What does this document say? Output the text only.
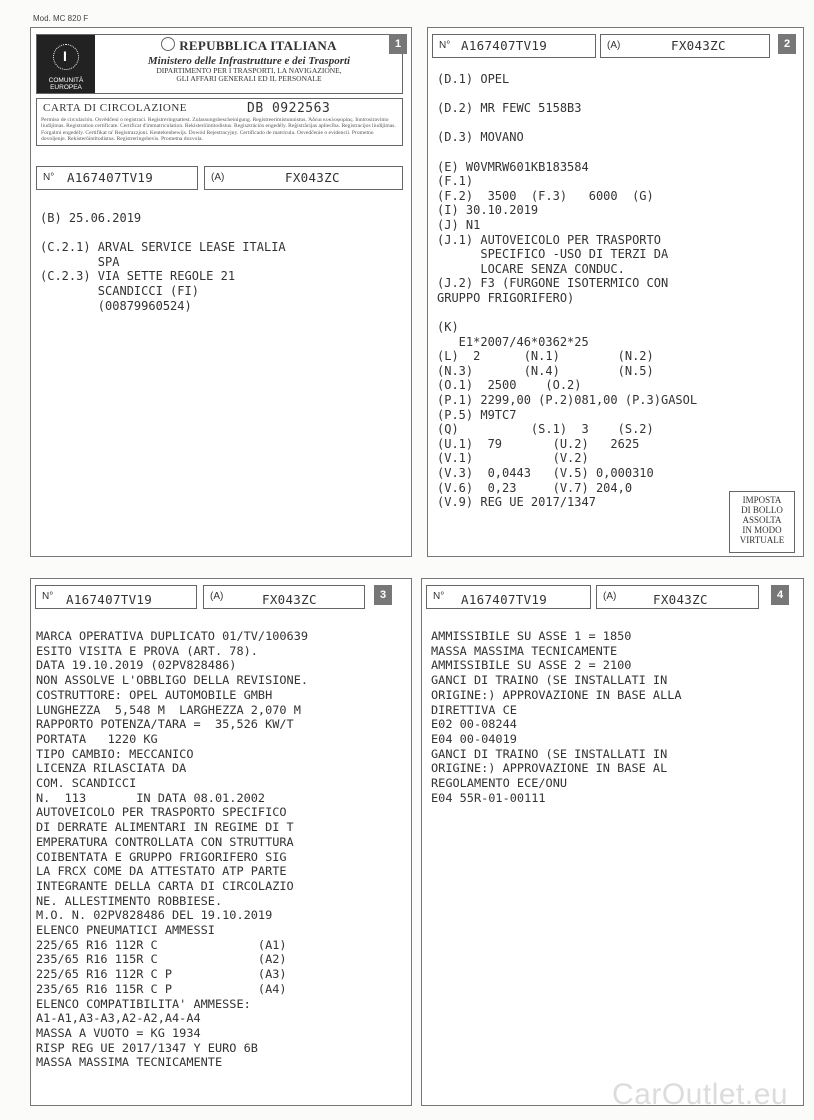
Mod. MC 820 F
I
COMUNITÀ
EUROPEA
REPUBBLICA ITALIANA
Ministero delle Infrastrutture e dei Trasporti
DIPARTIMENTO PER I TRASPORTI, LA NAVIGAZIONE,
GLI AFFARI GENERALI ED IL PERSONALE
1
CARTA DI CIRCOLAZIONE	DB 0922563
Permiso de circulación. Osvědčení o registraci. Registreringsattest. Zulassungsbescheinigung. Registreerimistunnistus. Άδεια κυκλοφορίας. Inntrosiravimo liudijimas. Registration certificate. Certificat d'immatriculation. Rekisteröintitodistus. Regisztrációs engedély. Reģistrācijas apliecība. Registracijos liudijimas. Forgalmi engedély. Certifikat ta' Registrazzjoni. Kentekenbewijs. Dowód Rejestracyjny. Certificado de matrícula. Osvedčenie o evidencii. Prometno dovoljenje. Rekisteröintitodistus. Registreringsbevis. Prometna dozvola.
N° A167407TV19	(A)	FX043ZC
(B) 25.06.2019

(C.2.1) ARVAL SERVICE LEASE ITALIA
SPA
(C.2.3) VIA SETTE REGOLE 21
SCANDICCI (FI)
(00879960524)
N° A167407TV19	(A)	FX043ZC	2
(D.1) OPEL

(D.2) MR FEWC 5158B3

(D.3) MOVANO

(E) W0VMRW601KB183584
(F.1)
(F.2)  3500  (F.3)   6000  (G)
(I) 30.10.2019
(J) N1
(J.1) AUTOVEICOLO PER TRASPORTO
SPECIFICO -USO DI TERZI DA
LOCARE SENZA CONDUC.
(J.2) F3 (FURGONE ISOTERMICO CON
GRUPPO FRIGORIFERO)

(K)
E1*2007/46*0362*25
(L)  2      (N.1)        (N.2)
(N.3)       (N.4)        (N.5)
(O.1)  2500    (O.2)
(P.1) 2299,00 (P.2)081,00 (P.3)GASOL
(P.5) M9TC7
(Q)          (S.1)  3    (S.2)
(U.1)  79       (U.2)   2625
(V.1)           (V.2)
(V.3)  0,0443   (V.5) 0,000310
(V.6)  0,23     (V.7) 204,0
(V.9) REG UE 2017/1347	IMPOSTA
DI BOLLO
ASSOLTA
IN MODO
VIRTUALE
N° A167407TV19	(A)	FX043ZC	3
MARCA OPERATIVA DUPLICATO 01/TV/100639
ESITO VISITA E PROVA (ART. 78).
DATA 19.10.2019 (02PV828486)
NON ASSOLVE L'OBBLIGO DELLA REVISIONE.
COSTRUTTORE: OPEL AUTOMOBILE GMBH
LUNGHEZZA  5,548 M  LARGHEZZA 2,070 M
RAPPORTO POTENZA/TARA =  35,526 KW/T
PORTATA   1220 KG
TIPO CAMBIO: MECCANICO
LICENZA RILASCIATA DA
COM. SCANDICCI
N.  113       IN DATA 08.01.2002
AUTOVEICOLO PER TRASPORTO SPECIFICO
DI DERRATE ALIMENTARI IN REGIME DI T
EMPERATURA CONTROLLATA CON STRUTTURA
COIBENTATA E GRUPPO FRIGORIFERO SIG
LA FRCX COME DA ATTESTATO ATP PARTE
INTEGRANTE DELLA CARTA DI CIRCOLAZIO
NE. ALLESTIMENTO ROBBIESE.
M.O. N. 02PV828486 DEL 19.10.2019
ELENCO PNEUMATICI AMMESSI
225/65 R16 112R C              (A1)
235/65 R16 115R C              (A2)
225/65 R16 112R C P            (A3)
235/65 R16 115R C P            (A4)
ELENCO COMPATIBILITA' AMMESSE:
A1-A1,A3-A3,A2-A2,A4-A4
MASSA A VUOTO = KG 1934
RISP REG UE 2017/1347 Y EURO 6B
MASSA MASSIMA TECNICAMENTE
N° A167407TV19	(A)	FX043ZC	4
AMMISSIBILE SU ASSE 1 = 1850
MASSA MASSIMA TECNICAMENTE
AMMISSIBILE SU ASSE 2 = 2100
GANCI DI TRAINO (SE INSTALLATI IN
ORIGINE:) APPROVAZIONE IN BASE ALLA
DIRETTIVA CE
E02 00-08244
E04 00-04019
GANCI DI TRAINO (SE INSTALLATI IN
ORIGINE:) APPROVAZIONE IN BASE AL
REGOLAMENTO ECE/ONU
E04 55R-01-00111
CarOutlet.eu
